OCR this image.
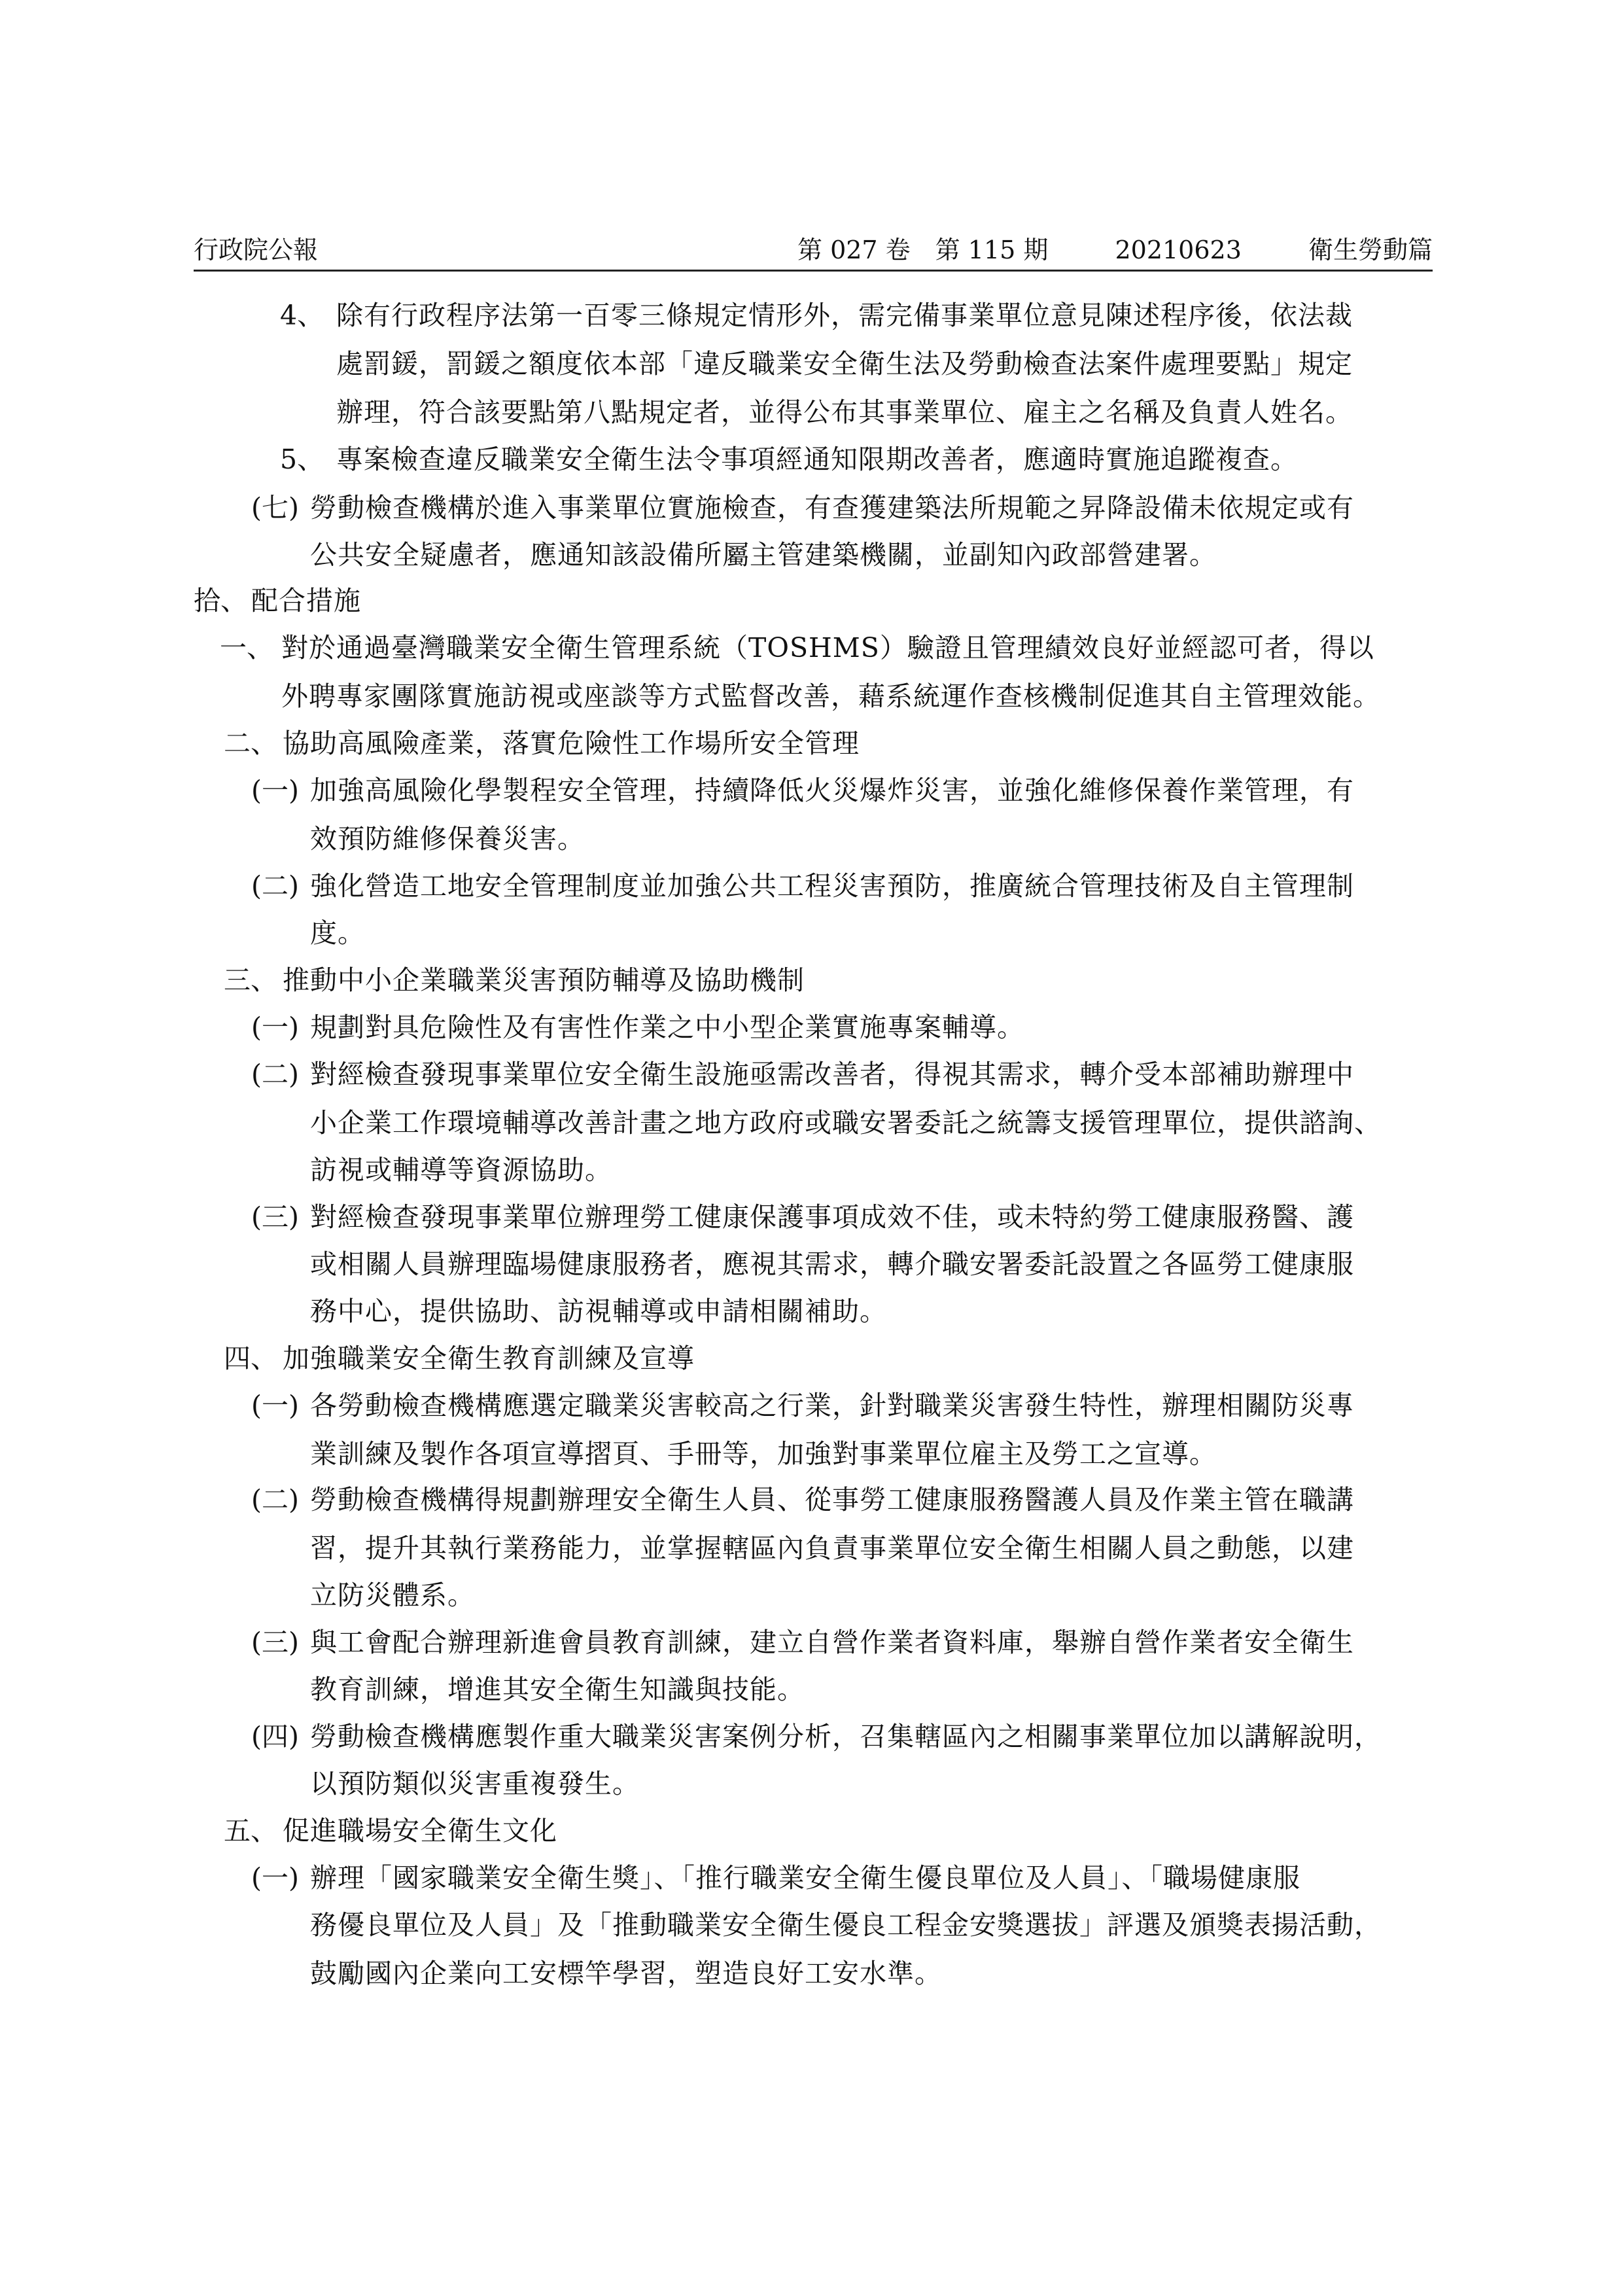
行政院公報	第 027 卷　第 115 期	20210623	衛生勞動篇
4、 除有行政程序法第一百零三條規定情形外，需完備事業單位意見陳述程序後，依法裁
處罰鍰，罰鍰之額度依本部「違反職業安全衛生法及勞動檢查法案件處理要點」規定
辦理，符合該要點第八點規定者，並得公布其事業單位、雇主之名稱及負責人姓名。
5、 專案檢查違反職業安全衛生法令事項經通知限期改善者，應適時實施追蹤複查。
(七) 勞動檢查機構於進入事業單位實施檢查，有查獲建築法所規範之昇降設備未依規定或有
公共安全疑慮者，應通知該設備所屬主管建築機關，並副知內政部營建署。
拾、 配合措施
一、 對於通過臺灣職業安全衛生管理系統（TOSHMS）驗證且管理績效良好並經認可者，得以
外聘專家團隊實施訪視或座談等方式監督改善，藉系統運作查核機制促進其自主管理效能。
二、 協助高風險產業，落實危險性工作場所安全管理
(一) 加強高風險化學製程安全管理，持續降低火災爆炸災害，並強化維修保養作業管理，有
效預防維修保養災害。
(二) 強化營造工地安全管理制度並加強公共工程災害預防，推廣統合管理技術及自主管理制
度。
三、 推動中小企業職業災害預防輔導及協助機制
(一) 規劃對具危險性及有害性作業之中小型企業實施專案輔導。
(二) 對經檢查發現事業單位安全衛生設施亟需改善者，得視其需求，轉介受本部補助辦理中
小企業工作環境輔導改善計畫之地方政府或職安署委託之統籌支援管理單位，提供諮詢、
訪視或輔導等資源協助。
(三) 對經檢查發現事業單位辦理勞工健康保護事項成效不佳，或未特約勞工健康服務醫、護
或相關人員辦理臨場健康服務者，應視其需求，轉介職安署委託設置之各區勞工健康服
務中心，提供協助、訪視輔導或申請相關補助。
四、 加強職業安全衛生教育訓練及宣導
(一) 各勞動檢查機構應選定職業災害較高之行業，針對職業災害發生特性，辦理相關防災專
業訓練及製作各項宣導摺頁、手冊等，加強對事業單位雇主及勞工之宣導。
(二) 勞動檢查機構得規劃辦理安全衛生人員、從事勞工健康服務醫護人員及作業主管在職講
習，提升其執行業務能力，並掌握轄區內負責事業單位安全衛生相關人員之動態，以建
立防災體系。
(三) 與工會配合辦理新進會員教育訓練，建立自營作業者資料庫，舉辦自營作業者安全衛生
教育訓練，增進其安全衛生知識與技能。
(四) 勞動檢查機構應製作重大職業災害案例分析，召集轄區內之相關事業單位加以講解說明，
以預防類似災害重複發生。
五、 促進職場安全衛生文化
(一) 辦理「國家職業安全衛生獎」、「推行職業安全衛生優良單位及人員」、「職場健康服
務優良單位及人員」及「推動職業安全衛生優良工程金安獎選拔」評選及頒獎表揚活動，
鼓勵國內企業向工安標竿學習，塑造良好工安水準。
